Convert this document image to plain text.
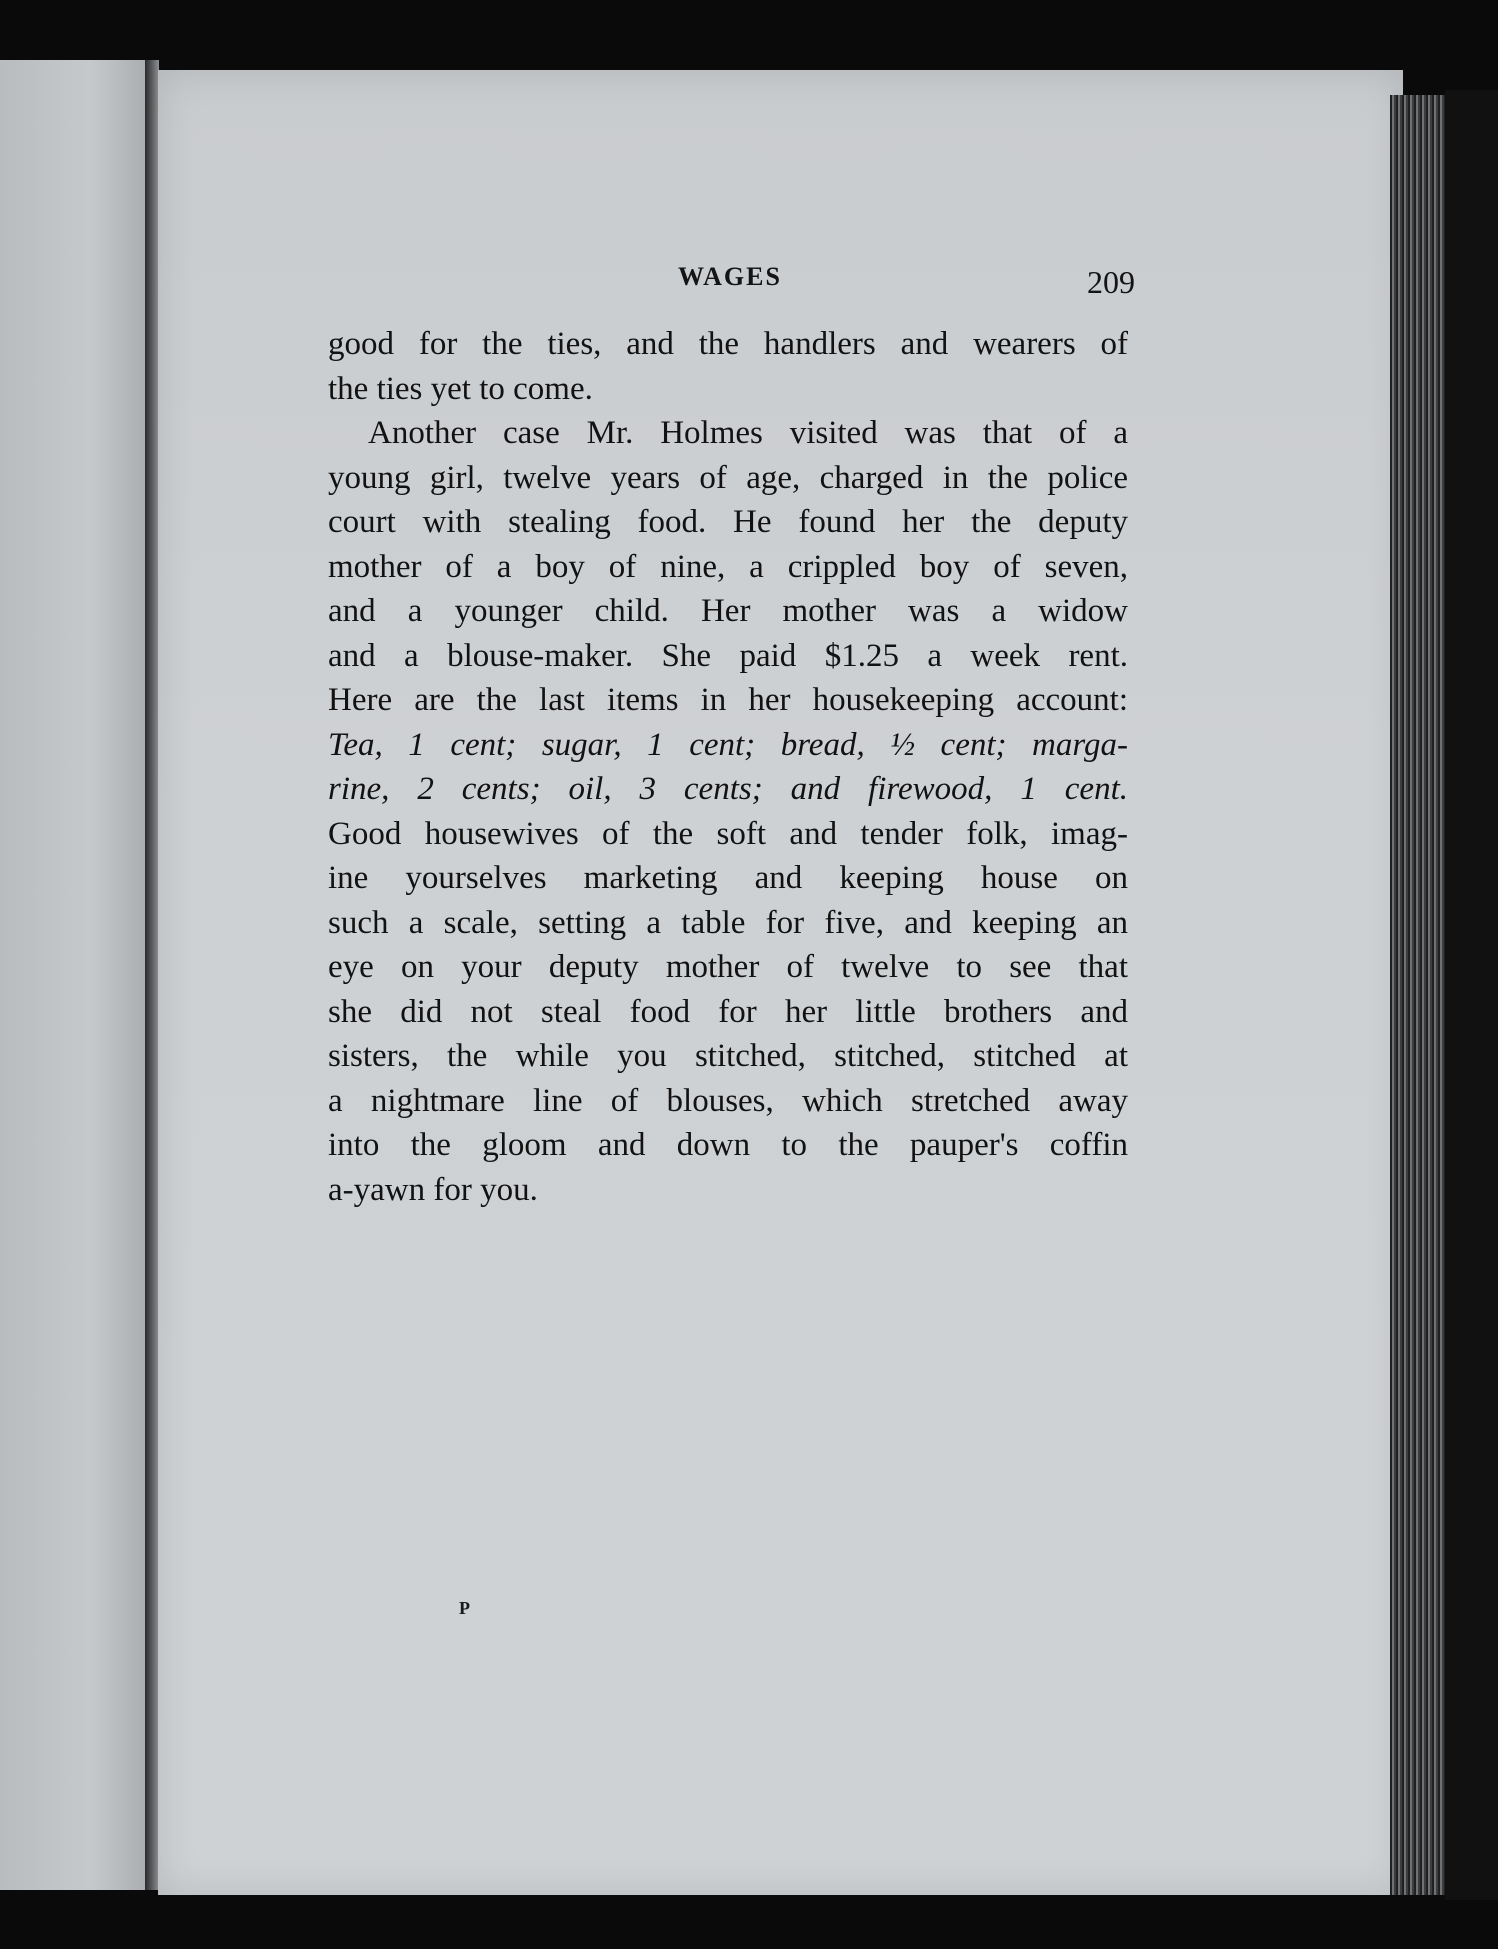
WAGES	209
good for the ties, and the handlers and wearers of
the ties yet to come.
Another case Mr. Holmes visited was that of a
young girl, twelve years of age, charged in the police
court with stealing food. He found her the deputy
mother of a boy of nine, a crippled boy of seven,
and a younger child. Her mother was a widow
and a blouse-maker. She paid $1.25 a week rent.
Here are the last items in her housekeeping account:
Tea, 1 cent; sugar, 1 cent; bread, ½ cent; marga-
rine, 2 cents; oil, 3 cents; and firewood, 1 cent.
Good housewives of the soft and tender folk, imag-
ine yourselves marketing and keeping house on
such a scale, setting a table for five, and keeping an
eye on your deputy mother of twelve to see that
she did not steal food for her little brothers and
sisters, the while you stitched, stitched, stitched at
a nightmare line of blouses, which stretched away
into the gloom and down to the pauper's coffin
a-yawn for you.
P
